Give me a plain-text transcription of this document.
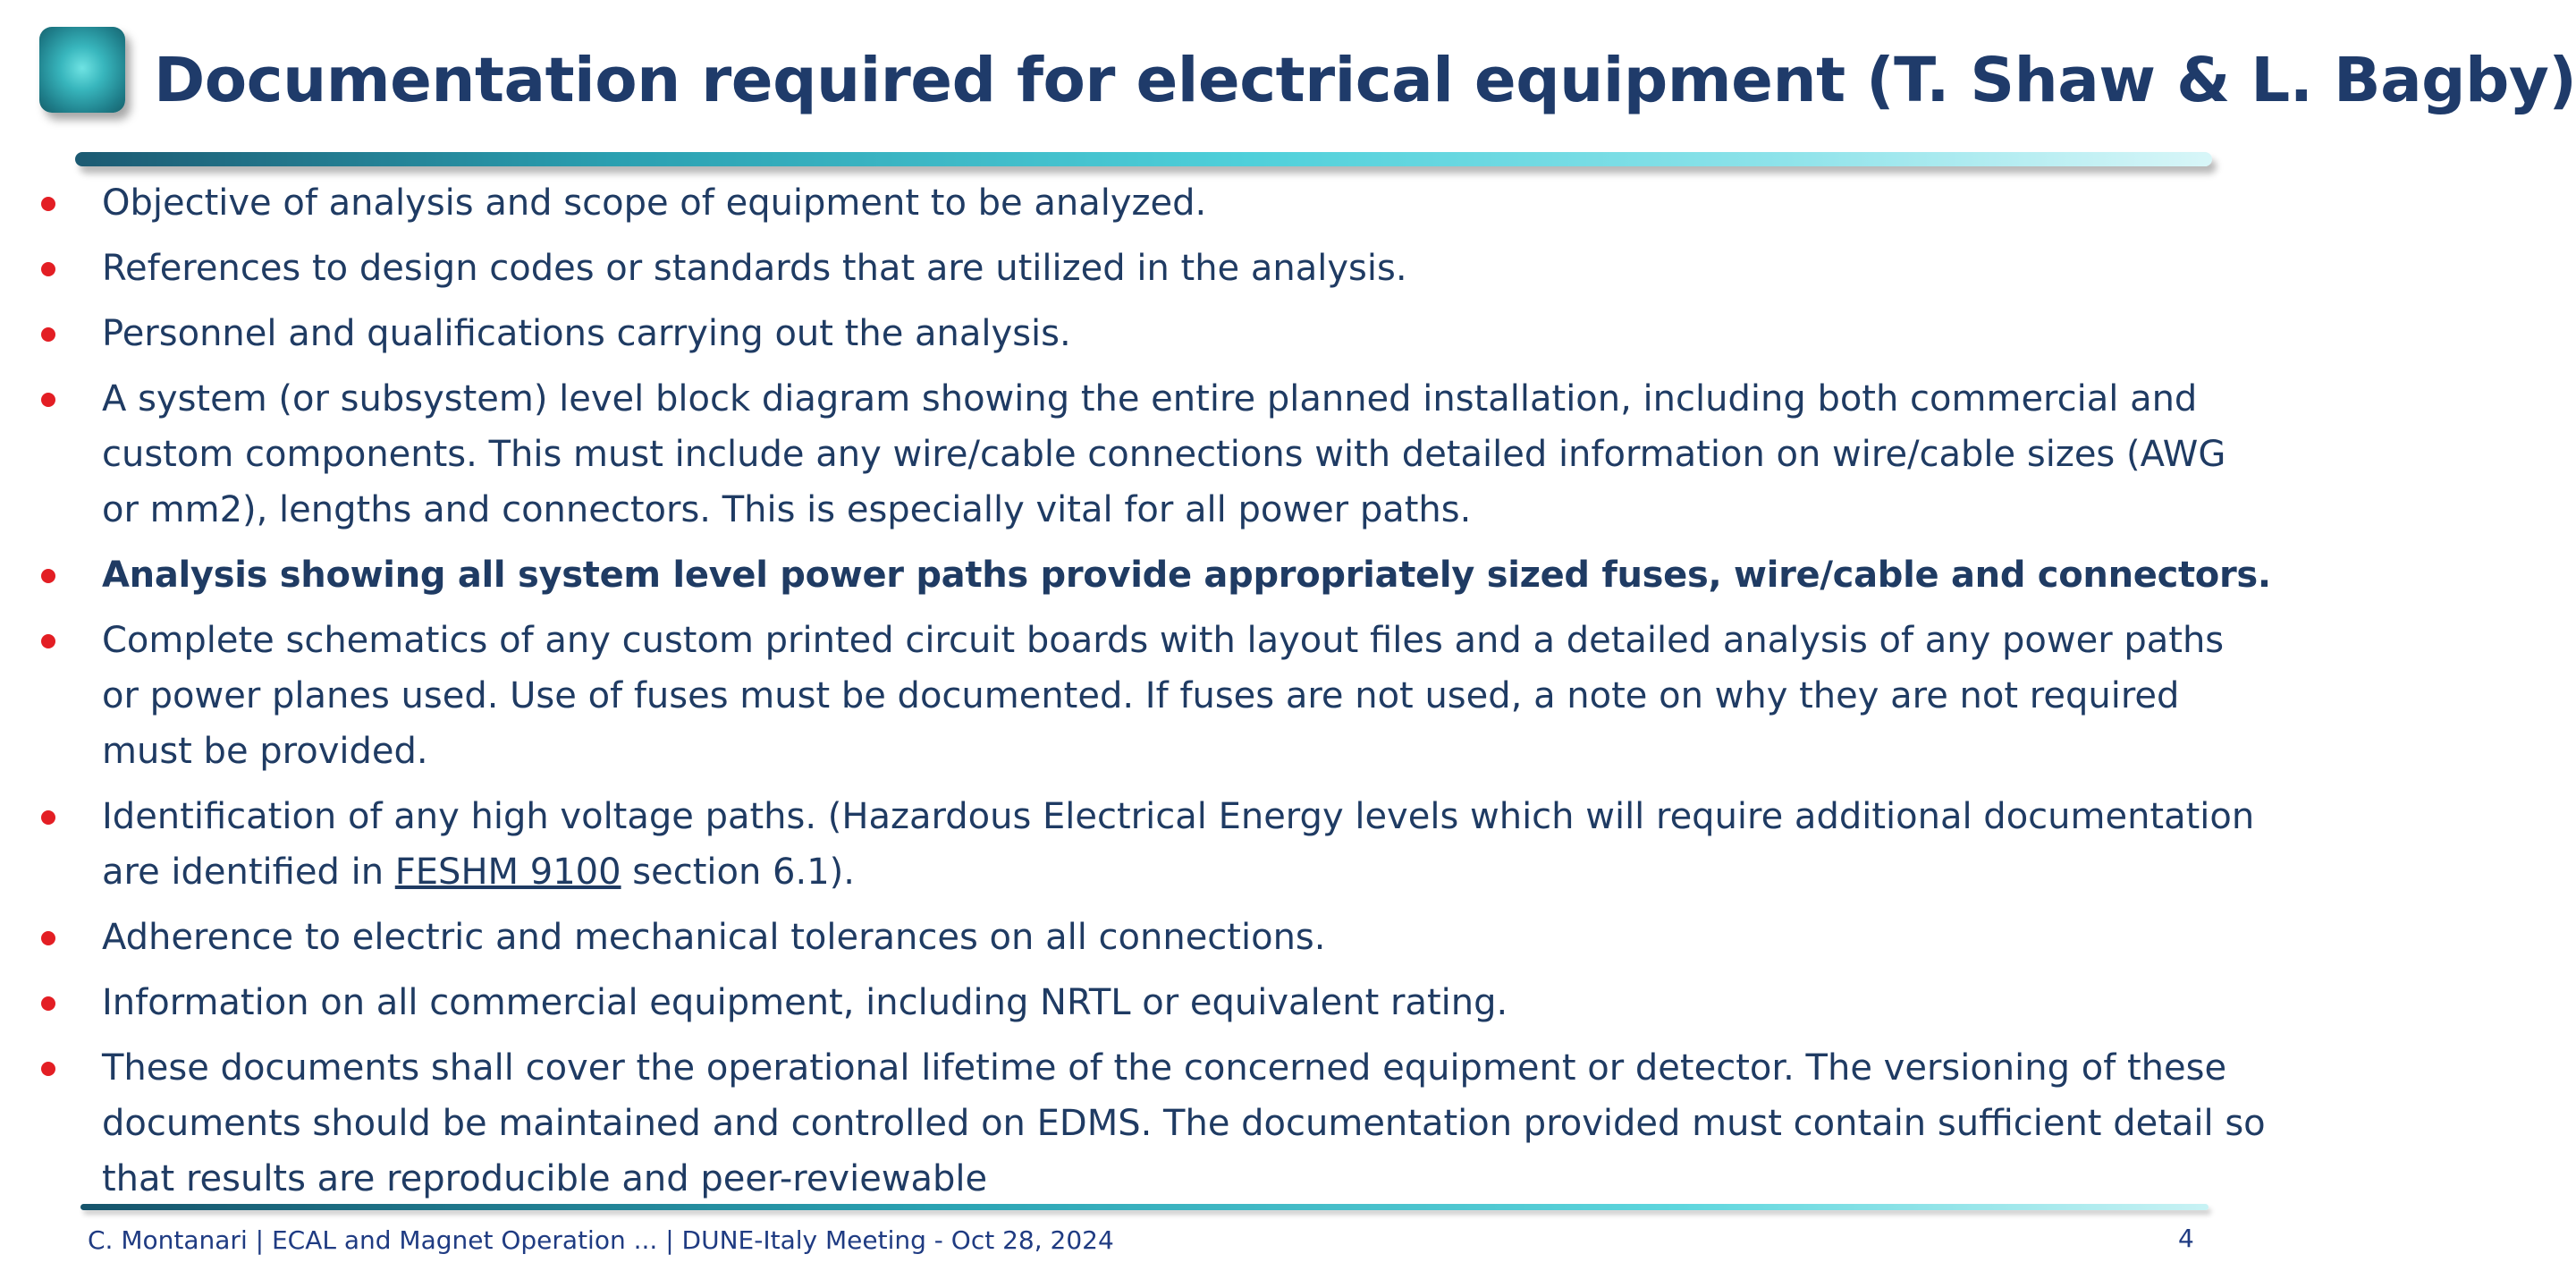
Documentation required for electrical equipment (T. Shaw & L. Bagby)
Objective of analysis and scope of equipment to be analyzed.
References to design codes or standards that are utilized in the analysis.
Personnel and qualifications carrying out the analysis.
A system (or subsystem) level block diagram showing the entire planned installation, including both commercial and custom components. This must include any wire/cable connections with detailed information on wire/cable sizes (AWG or mm2), lengths and connectors. This is especially vital for all power paths.
Analysis showing all system level power paths provide appropriately sized fuses, wire/cable and connectors.
Complete schematics of any custom printed circuit boards with layout files and a detailed analysis of any power paths or power planes used. Use of fuses must be documented. If fuses are not used, a note on why they are not required must be provided.
Identification of any high voltage paths. (Hazardous Electrical Energy levels which will require additional documentation are identified in FESHM 9100 section 6.1).
Adherence to electric and mechanical tolerances on all connections.
Information on all commercial equipment, including NRTL or equivalent rating.
These documents shall cover the operational lifetime of the concerned equipment or detector. The versioning of these documents should be maintained and controlled on EDMS. The documentation provided must contain sufficient detail so that results are reproducible and peer-reviewable
C. Montanari | ECAL and Magnet Operation ... | DUNE-Italy Meeting - Oct 28, 2024	4
